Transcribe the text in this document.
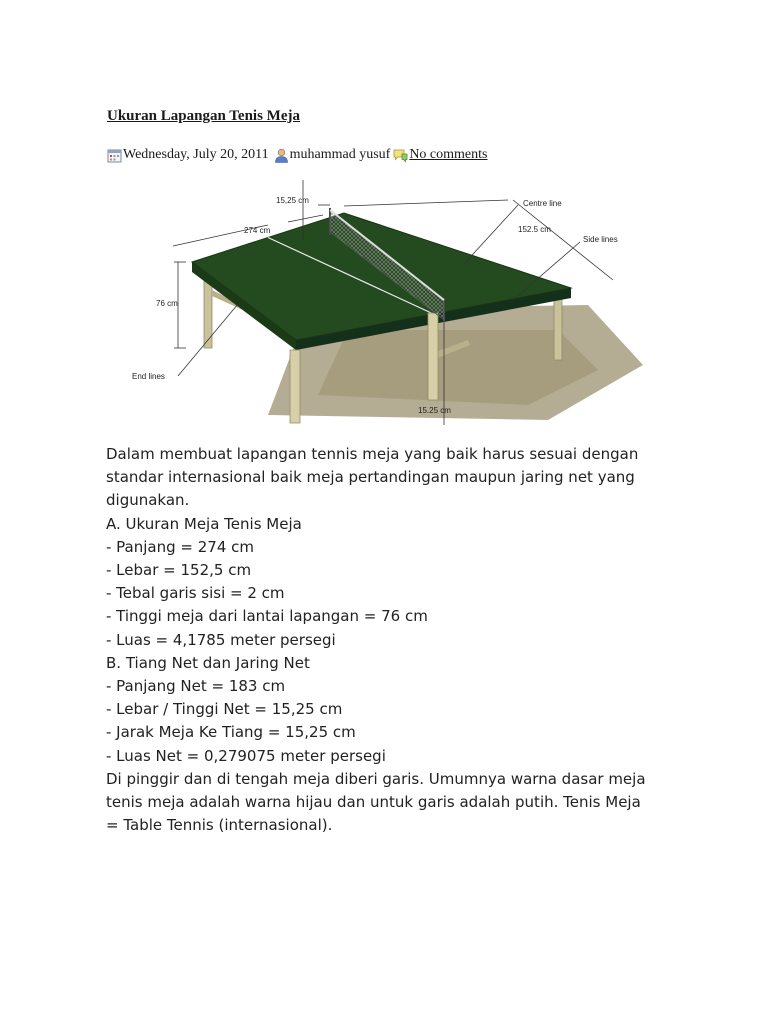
Ukuran Lapangan Tenis Meja
Wednesday, July 20, 2011 muhammad yusuf No comments
15,25 cm
274 cm
Centre line
152.5 cm
Side lines
76 cm
End lines
15.25 cm

Dalam membuat lapangan tennis meja yang baik harus sesuai dengan

standar internasional baik meja pertandingan maupun jaring net yang

digunakan.

A. Ukuran Meja Tenis Meja

- Panjang = 274 cm

- Lebar = 152,5 cm

- Tebal garis sisi = 2 cm

- Tinggi meja dari lantai lapangan = 76 cm

- Luas = 4,1785 meter persegi

B. Tiang Net dan Jaring Net

- Panjang Net = 183 cm

- Lebar / Tinggi Net = 15,25 cm

- Jarak Meja Ke Tiang = 15,25 cm

- Luas Net = 0,279075 meter persegi

Di pinggir dan di tengah meja diberi garis. Umumnya warna dasar meja

tenis meja adalah warna hijau dan untuk garis adalah putih. Tenis Meja

= Table Tennis (internasional).
